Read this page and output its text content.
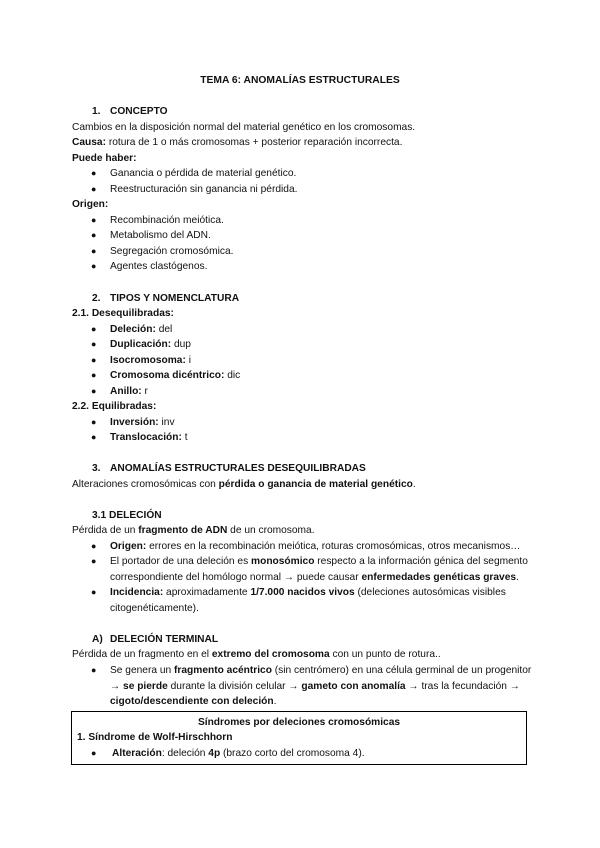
TEMA 6: ANOMALÍAS ESTRUCTURALES
1. CONCEPTO
Cambios en la disposición normal del material genético en los cromosomas.
Causa: rotura de 1 o más cromosomas + posterior reparación incorrecta.
Puede haber:
● Ganancia o pérdida de material genético.
● Reestructuración sin ganancia ni pérdida.
Origen:
● Recombinación meiótica.
● Metabolismo del ADN.
● Segregación cromosómica.
● Agentes clastógenos.
2. TIPOS Y NOMENCLATURA
2.1. Desequilibradas:
● Deleción: del
● Duplicación: dup
● Isocromosoma: i
● Cromosoma dicéntrico: dic
● Anillo: r
2.2. Equilibradas:
● Inversión: inv
● Translocación: t
3. ANOMALÍAS ESTRUCTURALES DESEQUILIBRADAS
Alteraciones cromosómicas con pérdida o ganancia de material genético.
3.1 DELECIÓN
Pérdida de un fragmento de ADN de un cromosoma.
● Origen: errores en la recombinación meiótica, roturas cromosómicas, otros mecanismos…
● El portador de una deleción es monosómico respecto a la información génica del segmento
correspondiente del homólogo normal → puede causar enfermedades genéticas graves.
● Incidencia: aproximadamente 1/7.000 nacidos vivos (deleciones autosómicas visibles
citogenéticamente).
A) DELECIÓN TERMINAL
Pérdida de un fragmento en el extremo del cromosoma con un punto de rotura..
● Se genera un fragmento acéntrico (sin centrómero) en una célula germinal de un progenitor
→ se pierde durante la división celular → gameto con anomalía → tras la fecundación →
cigoto/descendiente con deleción.
Síndromes por deleciones cromosómicas
1. Síndrome de Wolf-Hirschhorn
● Alteración: deleción 4p (brazo corto del cromosoma 4).
